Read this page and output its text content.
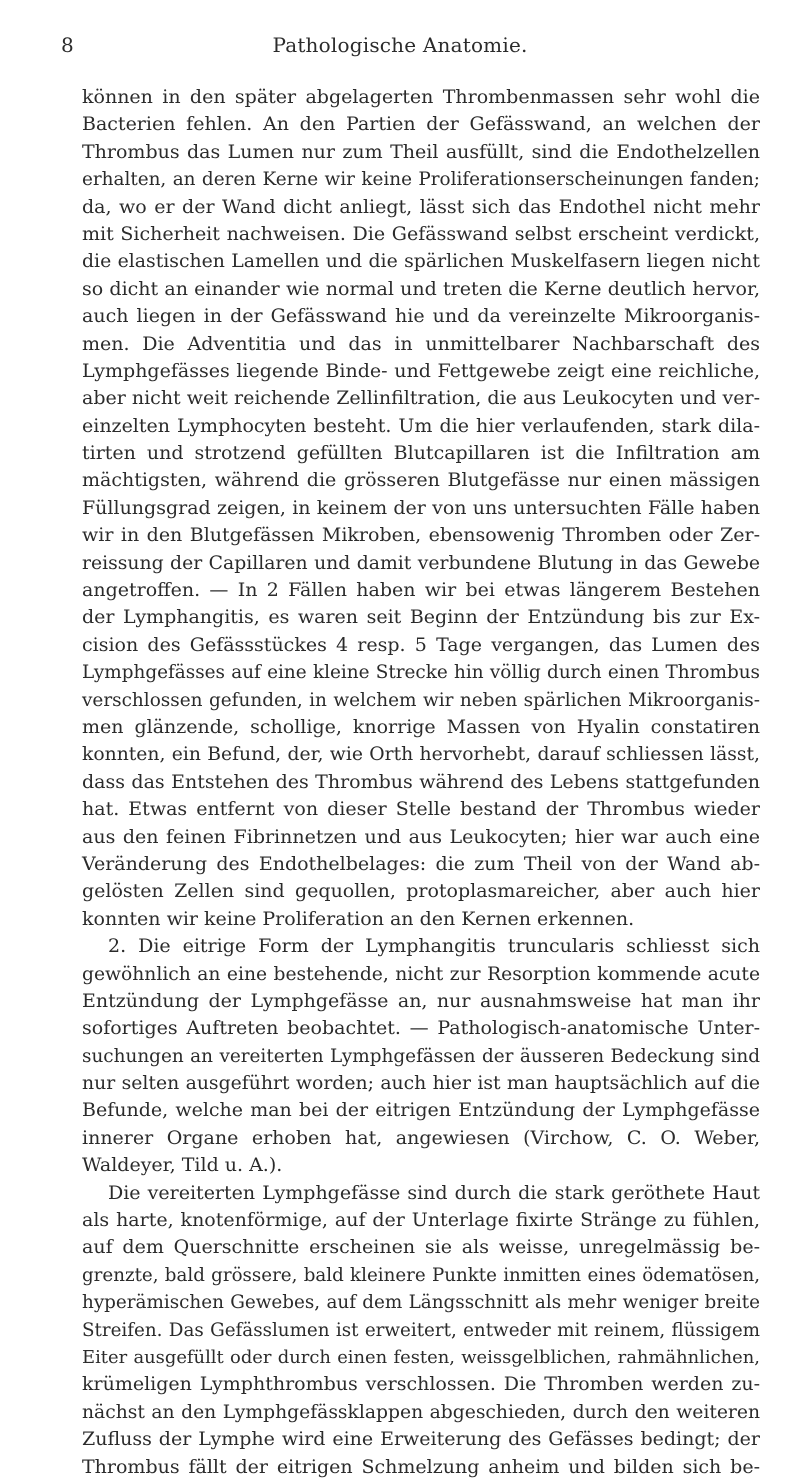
8	Pathologische Anatomie.
können in den später abgelagerten Thrombenmassen sehr wohl die
Bacterien fehlen. An den Partien der Gefässwand, an welchen der
Thrombus das Lumen nur zum Theil ausfüllt, sind die Endothelzellen
erhalten, an deren Kerne wir keine Proliferationserscheinungen fanden;
da, wo er der Wand dicht anliegt, lässt sich das Endothel nicht mehr
mit Sicherheit nachweisen. Die Gefässwand selbst erscheint verdickt,
die elastischen Lamellen und die spärlichen Muskelfasern liegen nicht
so dicht an einander wie normal und treten die Kerne deutlich hervor,
auch liegen in der Gefässwand hie und da vereinzelte Mikroorganis-
men. Die Adventitia und das in unmittelbarer Nachbarschaft des
Lymphgefässes liegende Binde- und Fettgewebe zeigt eine reichliche,
aber nicht weit reichende Zellinfiltration, die aus Leukocyten und ver-
einzelten Lymphocyten besteht. Um die hier verlaufenden, stark dila-
tirten und strotzend gefüllten Blutcapillaren ist die Infiltration am
mächtigsten, während die grösseren Blutgefässe nur einen mässigen
Füllungsgrad zeigen, in keinem der von uns untersuchten Fälle haben
wir in den Blutgefässen Mikroben, ebensowenig Thromben oder Zer-
reissung der Capillaren und damit verbundene Blutung in das Gewebe
angetroffen. — In 2 Fällen haben wir bei etwas längerem Bestehen
der Lymphangitis, es waren seit Beginn der Entzündung bis zur Ex-
cision des Gefässstückes 4 resp. 5 Tage vergangen, das Lumen des
Lymphgefässes auf eine kleine Strecke hin völlig durch einen Thrombus
verschlossen gefunden, in welchem wir neben spärlichen Mikroorganis-
men glänzende, schollige, knorrige Massen von Hyalin constatiren
konnten, ein Befund, der, wie Orth hervorhebt, darauf schliessen lässt,
dass das Entstehen des Thrombus während des Lebens stattgefunden
hat. Etwas entfernt von dieser Stelle bestand der Thrombus wieder
aus den feinen Fibrinnetzen und aus Leukocyten; hier war auch eine
Veränderung des Endothelbelages: die zum Theil von der Wand ab-
gelösten Zellen sind gequollen, protoplasmareicher, aber auch hier
konnten wir keine Proliferation an den Kernen erkennen.
2. Die eitrige Form der Lymphangitis truncularis schliesst sich
gewöhnlich an eine bestehende, nicht zur Resorption kommende acute
Entzündung der Lymphgefässe an, nur ausnahmsweise hat man ihr
sofortiges Auftreten beobachtet. — Pathologisch-anatomische Unter-
suchungen an vereiterten Lymphgefässen der äusseren Bedeckung sind
nur selten ausgeführt worden; auch hier ist man hauptsächlich auf die
Befunde, welche man bei der eitrigen Entzündung der Lymphgefässe
innerer Organe erhoben hat, angewiesen (Virchow, C. O. Weber,
Waldeyer, Tild u. A.).
Die vereiterten Lymphgefässe sind durch die stark geröthete Haut
als harte, knotenförmige, auf der Unterlage fixirte Stränge zu fühlen,
auf dem Querschnitte erscheinen sie als weisse, unregelmässig be-
grenzte, bald grössere, bald kleinere Punkte inmitten eines ödematösen,
hyperämischen Gewebes, auf dem Längsschnitt als mehr weniger breite
Streifen. Das Gefässlumen ist erweitert, entweder mit reinem, flüssigem
Eiter ausgefüllt oder durch einen festen, weissgelblichen, rahmähnlichen,
krümeligen Lymphthrombus verschlossen. Die Thromben werden zu-
nächst an den Lymphgefässklappen abgeschieden, durch den weiteren
Zufluss der Lymphe wird eine Erweiterung des Gefässes bedingt; der
Thrombus fällt der eitrigen Schmelzung anheim und bilden sich be-
